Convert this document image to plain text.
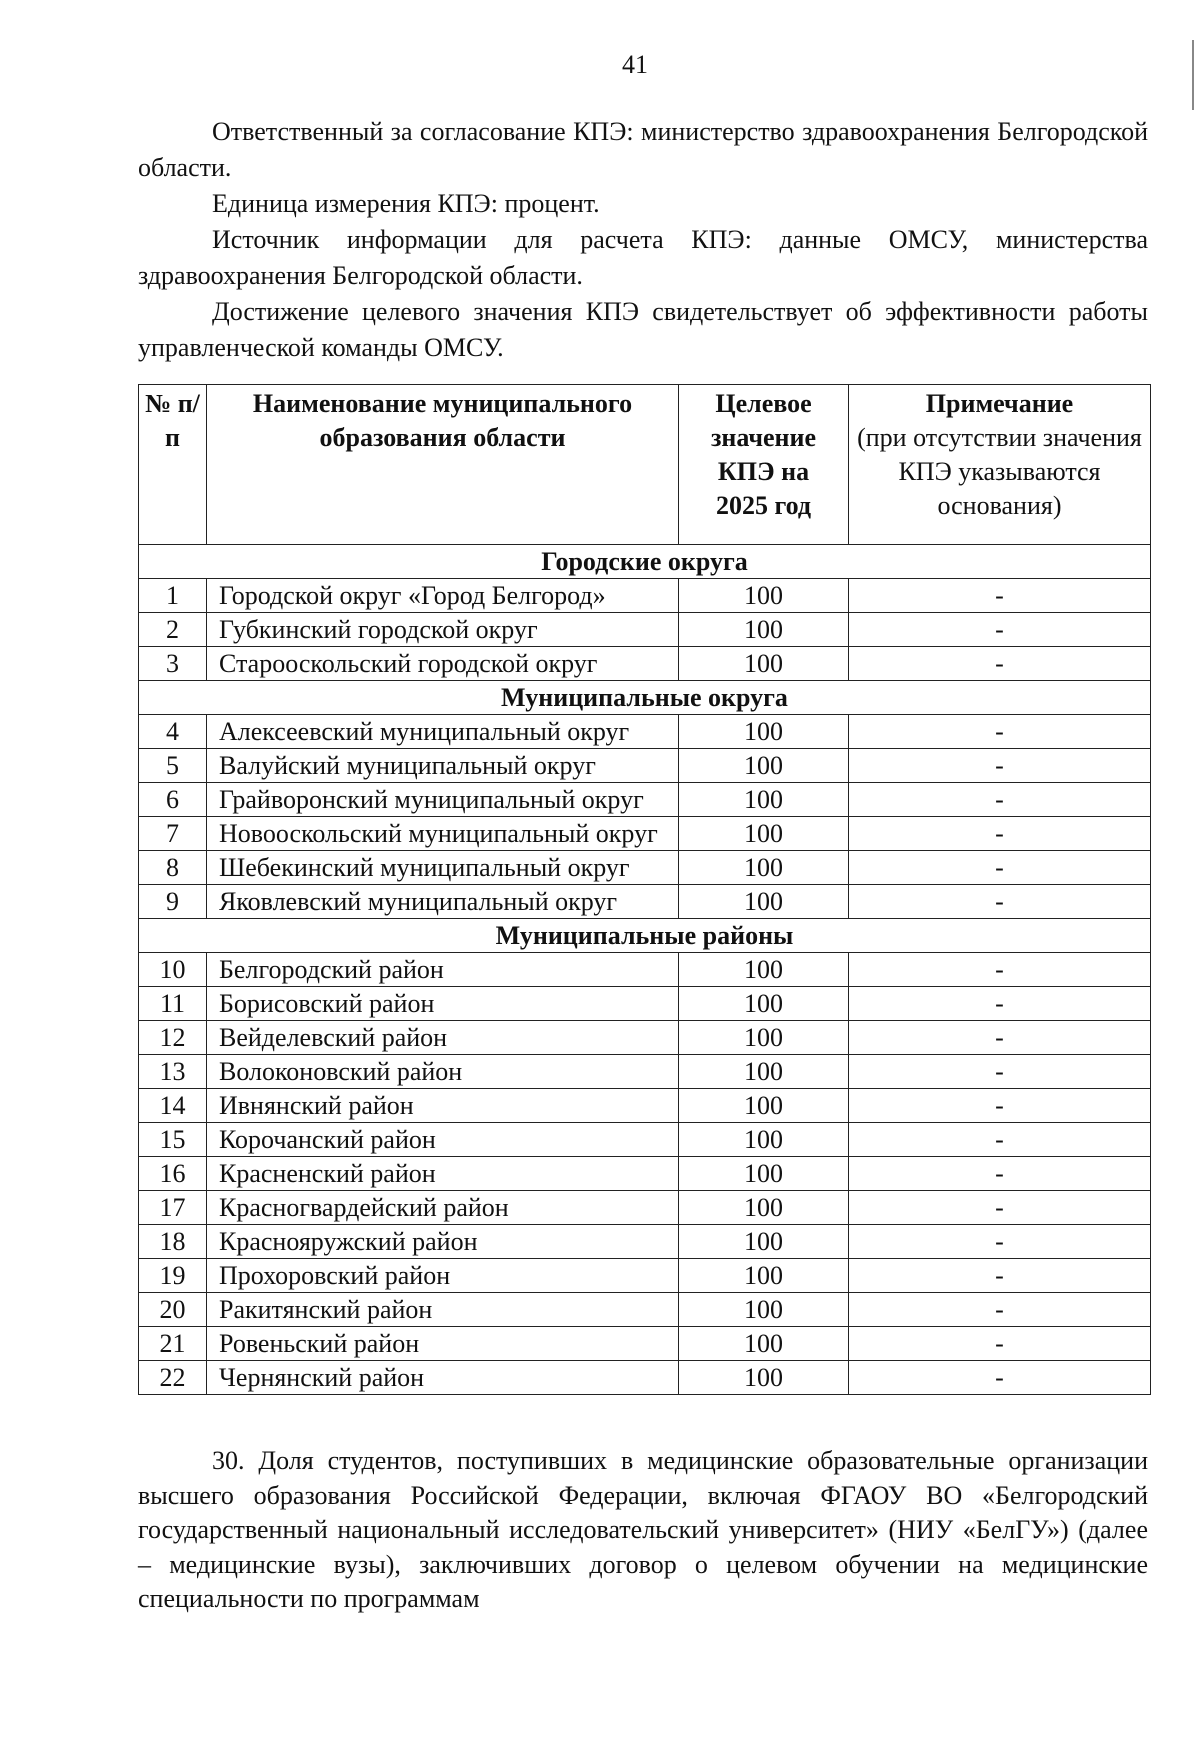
41

Ответственный за согласование КПЭ: министерство здравоохранения Белгородской области.

Единица измерения КПЭ: процент.

Источник информации для расчета КПЭ: данные ОМСУ, министерства здравоохранения Белгородской области.

Достижение целевого значения КПЭ свидетельствует об эффективности работы управленческой команды ОМСУ.

№ п/п	Наименование муниципального образования области	Целевое значение КПЭ на 2025 год	Примечание
(при отсутствии значения КПЭ указываются основания)

Городские округа			
1	Городской округ «Город Белгород»	100	-
2	Губкинский городской округ	100	-
3	Старооскольский городской округ	100	-
Муниципальные округа			
4	Алексеевский муниципальный округ	100	-
5	Валуйский муниципальный округ	100	-
6	Грайворонский муниципальный округ	100	-
7	Новооскольский муниципальный округ	100	-
8	Шебекинский муниципальный округ	100	-
9	Яковлевский муниципальный округ	100	-
Муниципальные районы			
10	Белгородский район	100	-
11	Борисовский район	100	-
12	Вейделевский район	100	-
13	Волоконовский район	100	-
14	Ивнянский район	100	-
15	Корочанский район	100	-
16	Красненский район	100	-
17	Красногвардейский район	100	-
18	Краснояружский район	100	-
19	Прохоровский район	100	-
20	Ракитянский район	100	-
21	Ровеньский район	100	-
22	Чернянский район	100	-

30. Доля студентов, поступивших в медицинские образовательные организации высшего образования Российской Федерации, включая ФГАОУ ВО «Белгородский государственный национальный исследовательский университет» (НИУ «БелГУ») (далее – медицинские вузы), заключивших договор о целевом обучении на медицинские специальности по программам
